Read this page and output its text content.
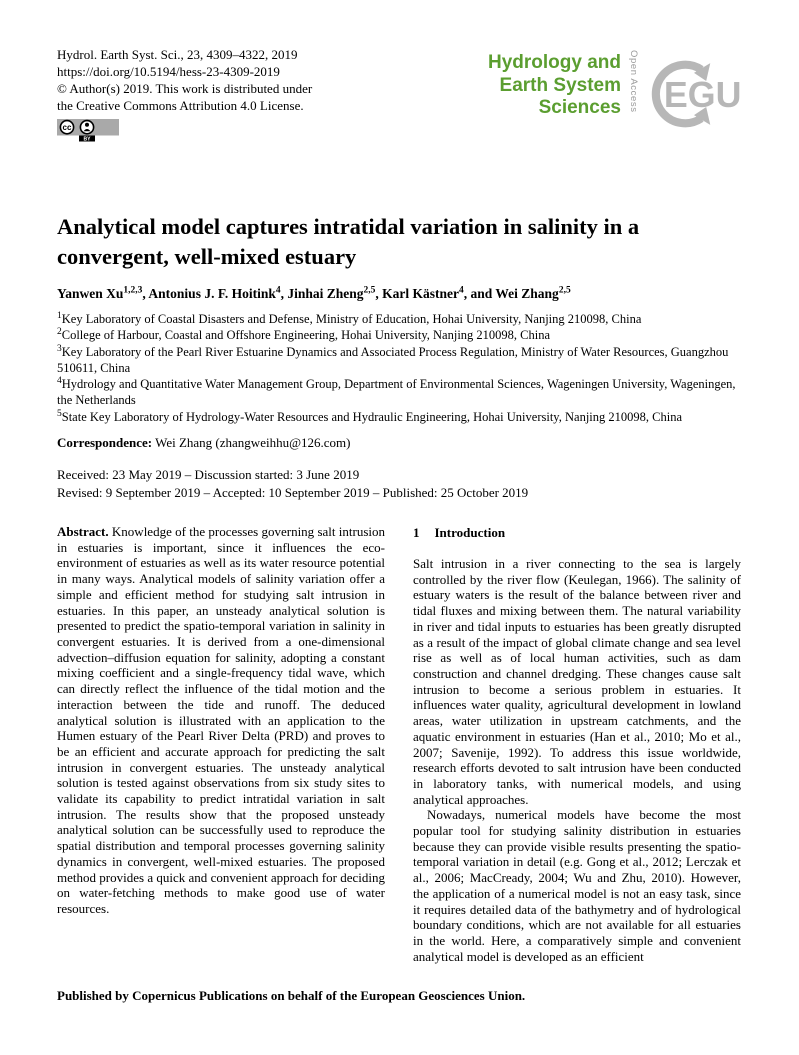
Hydrol. Earth Syst. Sci., 23, 4309–4322, 2019
https://doi.org/10.5194/hess-23-4309-2019
© Author(s) 2019. This work is distributed under
the Creative Commons Attribution 4.0 License.
cc
BY
Hydrology and
Earth System
Sciences Open Access EGU
Analytical model captures intratidal variation in salinity in a convergent, well-mixed estuary
Yanwen Xu$^{1,2,3}$, Antonius J. F. Hoitink$^4$, Jinhai Zheng$^{2,5}$, Karl Kästner$^4$, and Wei Zhang$^{2,5}$
$^1$Key Laboratory of Coastal Disasters and Defense, Ministry of Education, Hohai University, Nanjing 210098, China
$^2$College of Harbour, Coastal and Offshore Engineering, Hohai University, Nanjing 210098, China
$^3$Key Laboratory of the Pearl River Estuarine Dynamics and Associated Process Regulation, Ministry of Water Resources, Guangzhou 510611, China
$^4$Hydrology and Quantitative Water Management Group, Department of Environmental Sciences, Wageningen University, Wageningen, the Netherlands
$^5$State Key Laboratory of Hydrology-Water Resources and Hydraulic Engineering, Hohai University, Nanjing 210098, China
Correspondence: Wei Zhang (zhangweihhu@126.com)
Received: 23 May 2019 – Discussion started: 3 June 2019
Revised: 9 September 2019 – Accepted: 10 September 2019 – Published: 25 October 2019

Abstract. Knowledge of the processes governing salt intrusion in estuaries is important, since it influences the eco-environment of estuaries as well as its water resource potential in many ways. Analytical models of salinity variation offer a simple and efficient method for studying salt intrusion in estuaries. In this paper, an unsteady analytical solution is presented to predict the spatio-temporal variation in salinity in convergent estuaries. It is derived from a one-dimensional advection–diffusion equation for salinity, adopting a constant mixing coefficient and a single-frequency tidal wave, which can directly reflect the influence of the tidal motion and the interaction between the tide and runoff. The deduced analytical solution is illustrated with an application to the Humen estuary of the Pearl River Delta (PRD) and proves to be an efficient and accurate approach for predicting the salt intrusion in convergent estuaries. The unsteady analytical solution is tested against observations from six study sites to validate its capability to predict intratidal variation in salt intrusion. The results show that the proposed unsteady analytical solution can be successfully used to reproduce the spatial distribution and temporal processes governing salinity dynamics in convergent, well-mixed estuaries. The proposed method provides a quick and convenient approach for deciding on water-fetching methods to make good use of water resources.

1 Introduction

Salt intrusion in a river connecting to the sea is largely controlled by the river flow (Keulegan, 1966). The salinity of estuary waters is the result of the balance between river and tidal fluxes and mixing between them. The natural variability in river and tidal inputs to estuaries has been greatly disrupted as a result of the impact of global climate change and sea level rise as well as of local human activities, such as dam construction and channel dredging. These changes cause salt intrusion to become a serious problem in estuaries. It influences water quality, agricultural development in lowland areas, water utilization in upstream catchments, and the aquatic environment in estuaries (Han et al., 2010; Mo et al., 2007; Savenije, 1992). To address this issue worldwide, research efforts devoted to salt intrusion have been conducted in laboratory tanks, with numerical models, and using analytical approaches.

Nowadays, numerical models have become the most popular tool for studying salinity distribution in estuaries because they can provide visible results presenting the spatio-temporal variation in detail (e.g. Gong et al., 2012; Lerczak et al., 2006; MacCready, 2004; Wu and Zhu, 2010). However, the application of a numerical model is not an easy task, since it requires detailed data of the bathymetry and of hydrological boundary conditions, which are not available for all estuaries in the world. Here, a comparatively simple and convenient analytical model is developed as an efficient

Published by Copernicus Publications on behalf of the European Geosciences Union.
